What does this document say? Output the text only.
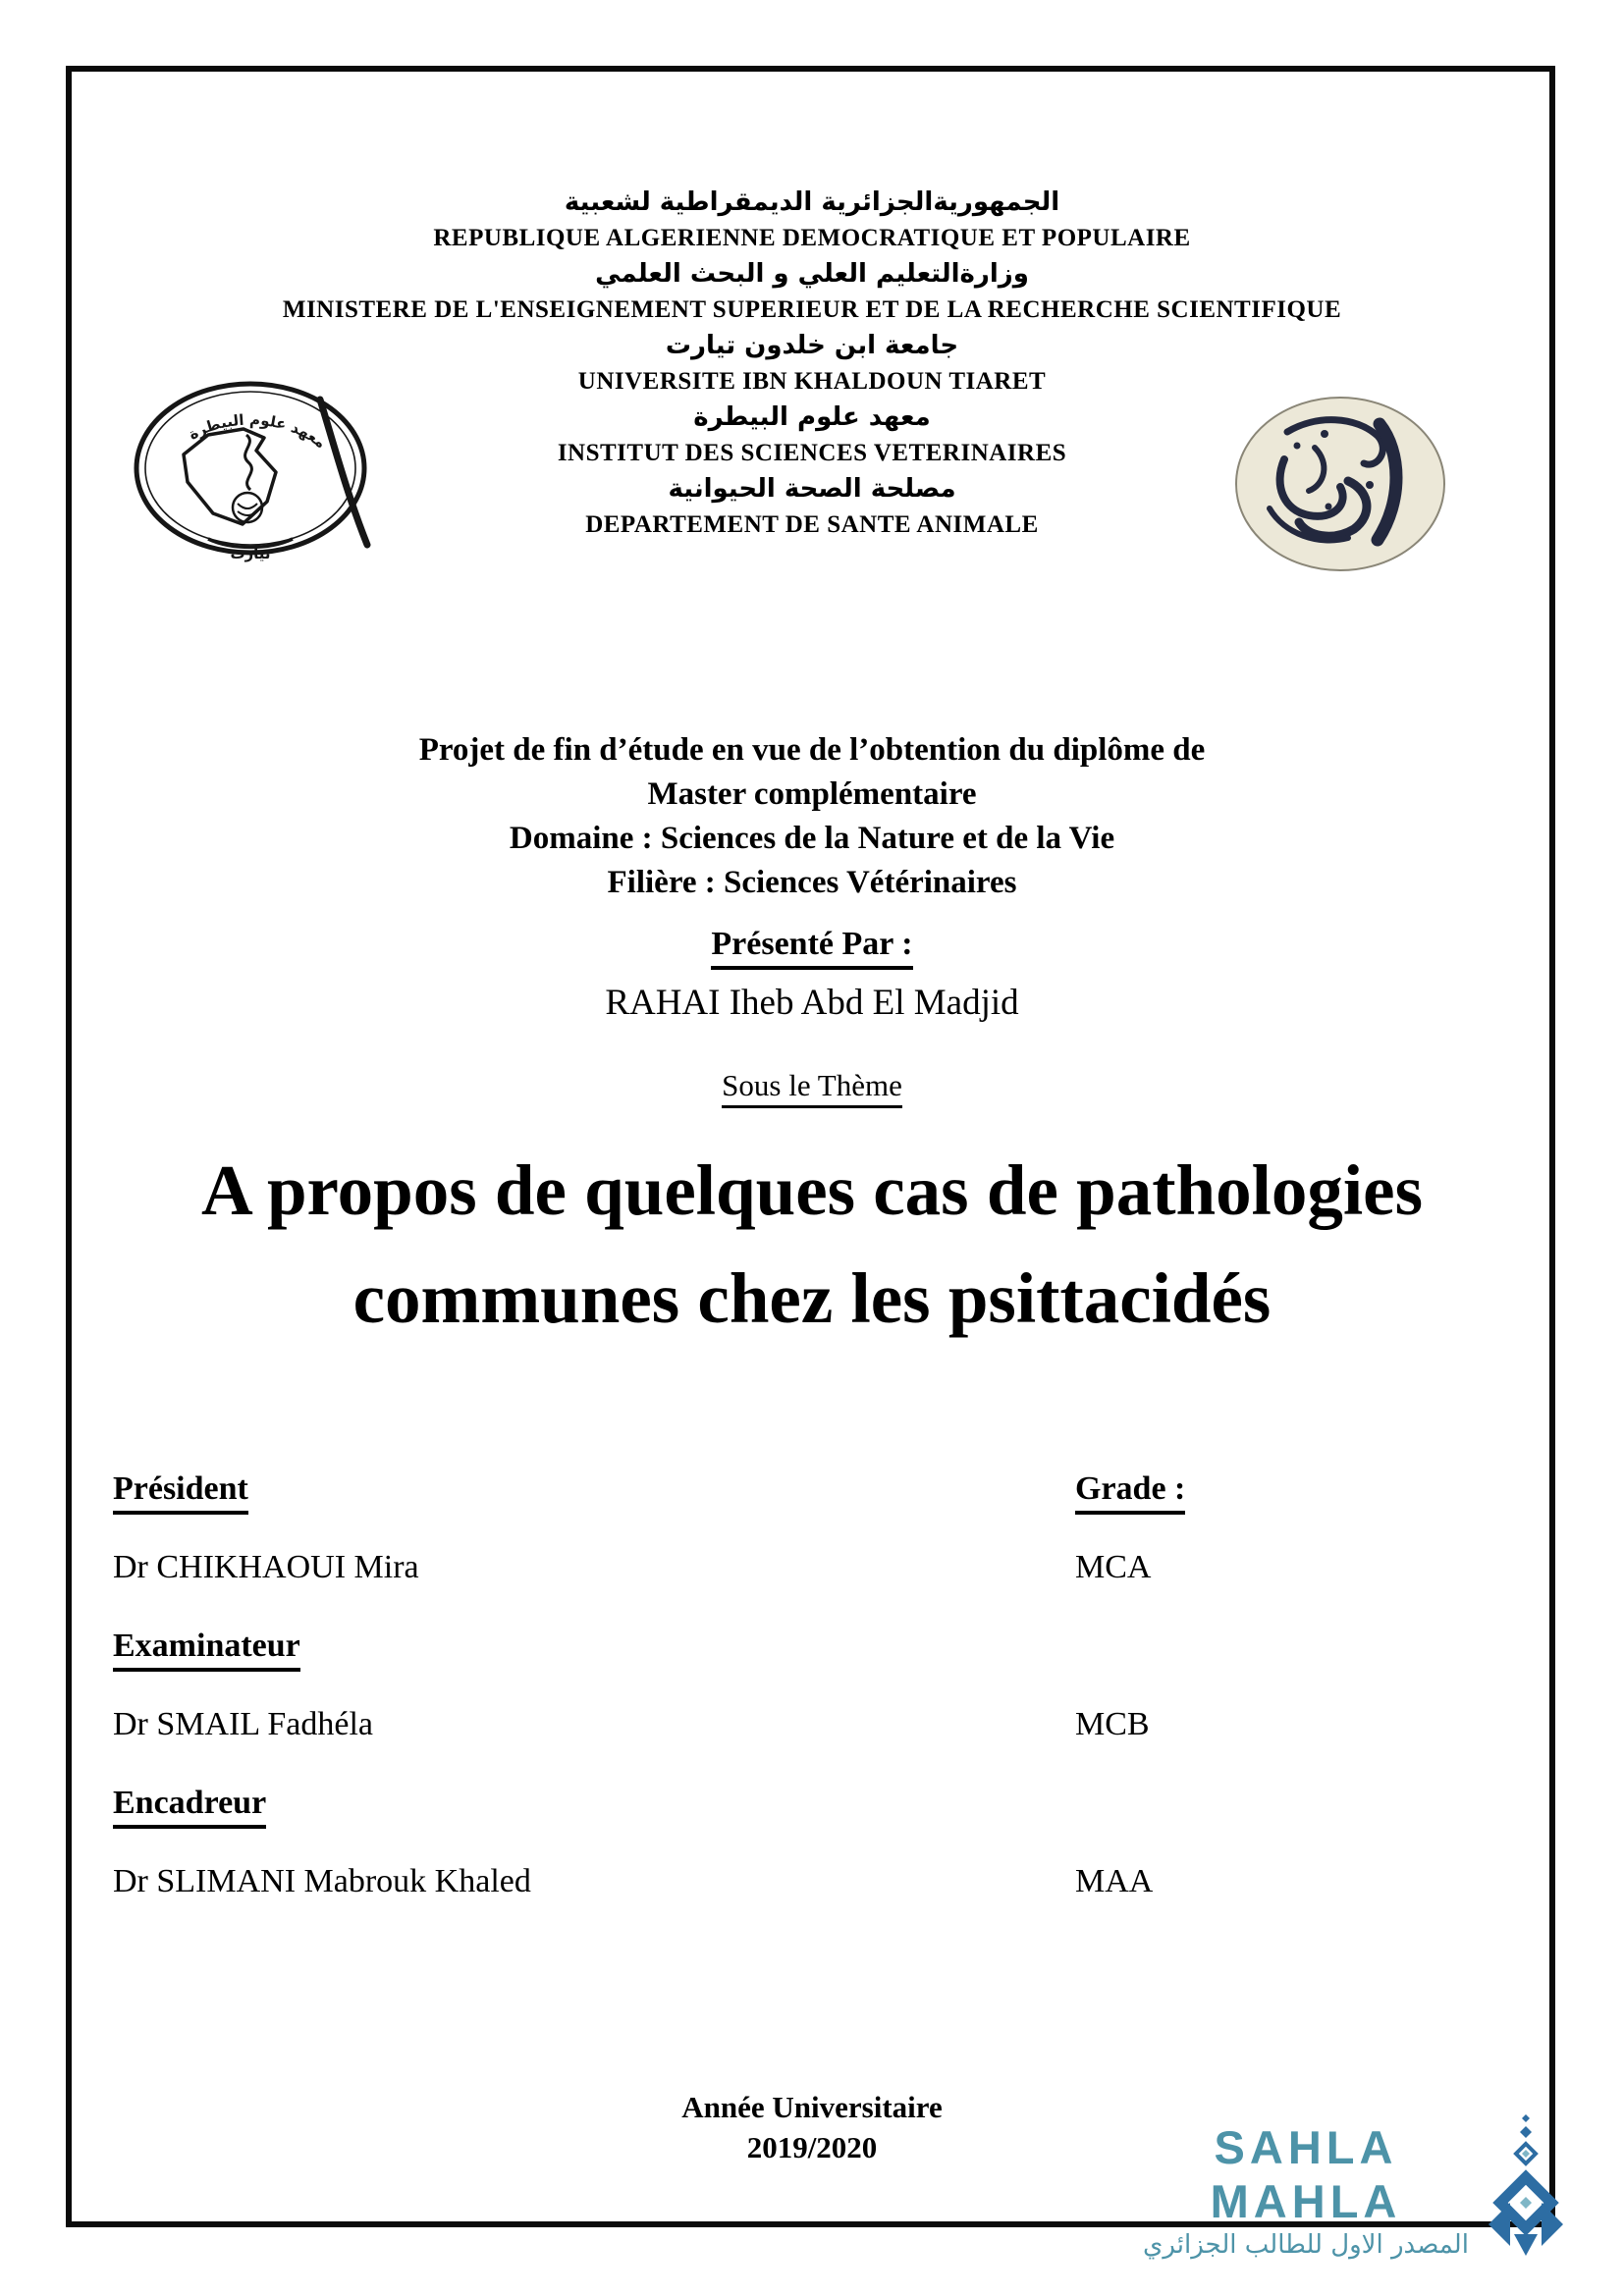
الجمهوريةالجزائرية الديمقراطية لشعبية
REPUBLIQUE ALGERIENNE DEMOCRATIQUE ET POPULAIRE
وزارةالتعليم العلي و البحث العلمي
MINISTERE DE L'ENSEIGNEMENT SUPERIEUR ET DE LA RECHERCHE SCIENTIFIQUE
جامعة ابن خلدون تيارت
UNIVERSITE IBN KHALDOUN TIARET
معهد علوم البيطرة
INSTITUT DES SCIENCES VETERINAIRES
مصلحة الصحة الحيوانية
DEPARTEMENT DE SANTE ANIMALE
معهد علوم البيطرة
تيارت
Projet de fin d’étude en vue de l’obtention du diplôme de
Master complémentaire
Domaine : Sciences de la Nature et de la Vie
Filière : Sciences Vétérinaires
Présenté Par :
RAHAI Iheb Abd El Madjid
Sous le Thème
A propos de quelques cas de pathologies
communes chez les psittacidés
Président	Grade :
Dr CHIKHAOUI Mira	MCA
Examinateur
Dr SMAIL Fadhéla	MCB
Encadreur
Dr SLIMANI Mabrouk Khaled	MAA
Année Universitaire
2019/2020	SAHLA MAHLA
المصدر الاول للطالب الجزائري
